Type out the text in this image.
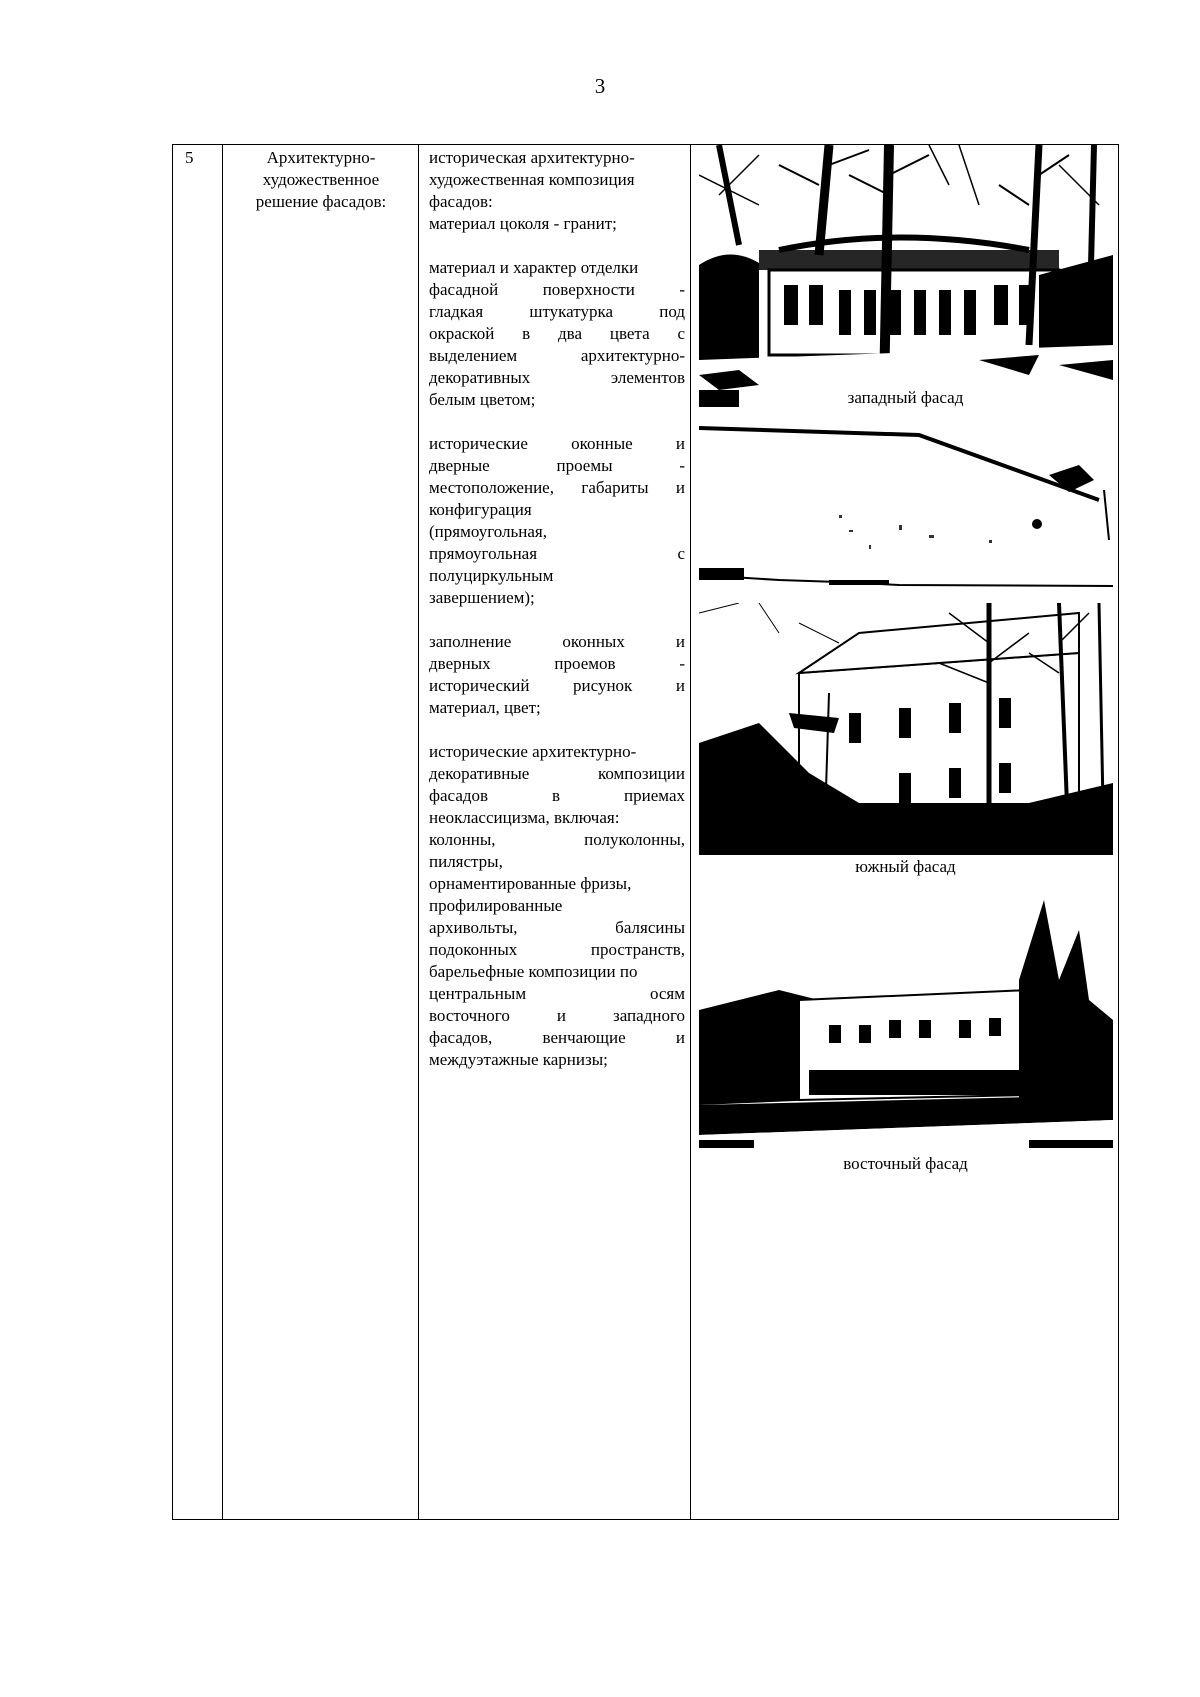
3
5	Архитектурно-
художественное
решение фасадов:

историческая архитектурно-
художественная композиция
фасадов:
материал цоколя - гранит;

материал и характер отделки
фасадной поверхности -
гладкая штукатурка под
окраской в два цвета с
выделением архитектурно-
декоративных элементов
белым цветом;

исторические оконные и
дверные проемы -
местоположение, габариты и
конфигурация
(прямоугольная,
прямоугольная с
полуциркульным
завершением);

заполнение оконных и
дверных проемов -
исторический рисунок и
материал, цвет;

исторические архитектурно-
декоративные композиции
фасадов в приемах
неоклассицизма, включая:
колонны, полуколонны,
пилястры,
орнаментированные фризы,
профилированные
архивольты, балясины
подоконных пространств,
барельефные композиции по
центральным осям
восточного и западного
фасадов, венчающие и
междуэтажные карнизы;

западный фасад
южный фасад
восточный фасад
